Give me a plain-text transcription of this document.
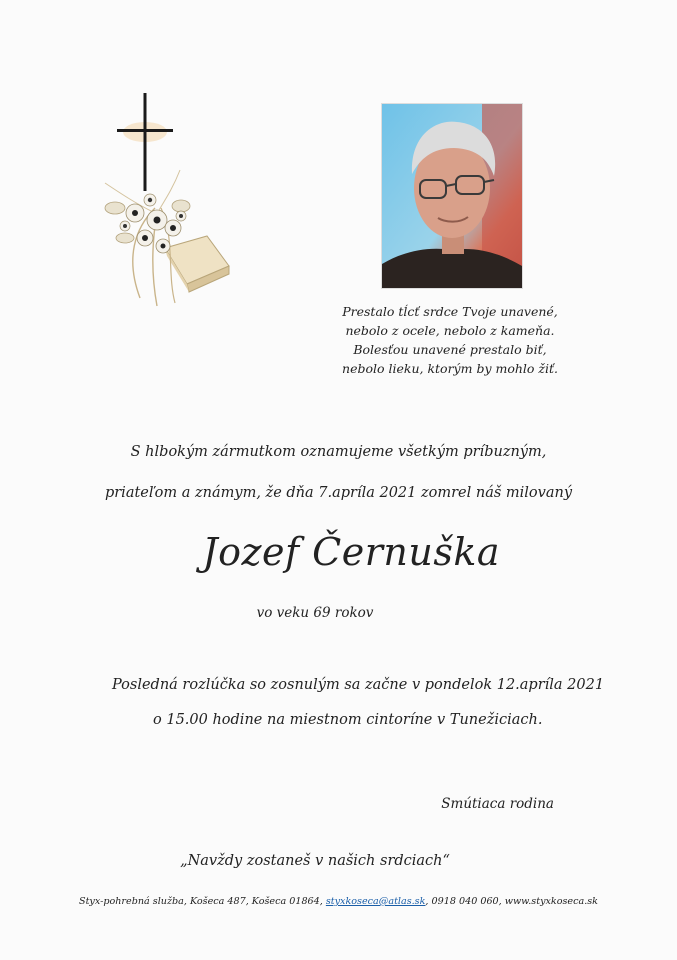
Prestalo tĺcť srdce Tvoje unavené,
nebolo z ocele, nebolo z kameňa.
Bolesťou unavené prestalo biť,
nebolo lieku, ktorým by mohlo žiť.
S hlbokým zármutkom oznamujeme všetkým príbuzným,
priateľom a známym, že dňa 7.apríla 2021 zomrel náš milovaný
Jozef Černuška
vo veku 69 rokov
Posledná rozlúčka so zosnulým sa začne v pondelok 12.apríla 2021
o 15.00 hodine na miestnom cintoríne v Tunežiciach.
Smútiaca rodina
„Navždy zostaneš v našich srdciach“
Styx-pohrebná služba, Košeca 487, Košeca 01864, styxkoseca@atlas.sk, 0918 040 060, www.styxkoseca.sk
